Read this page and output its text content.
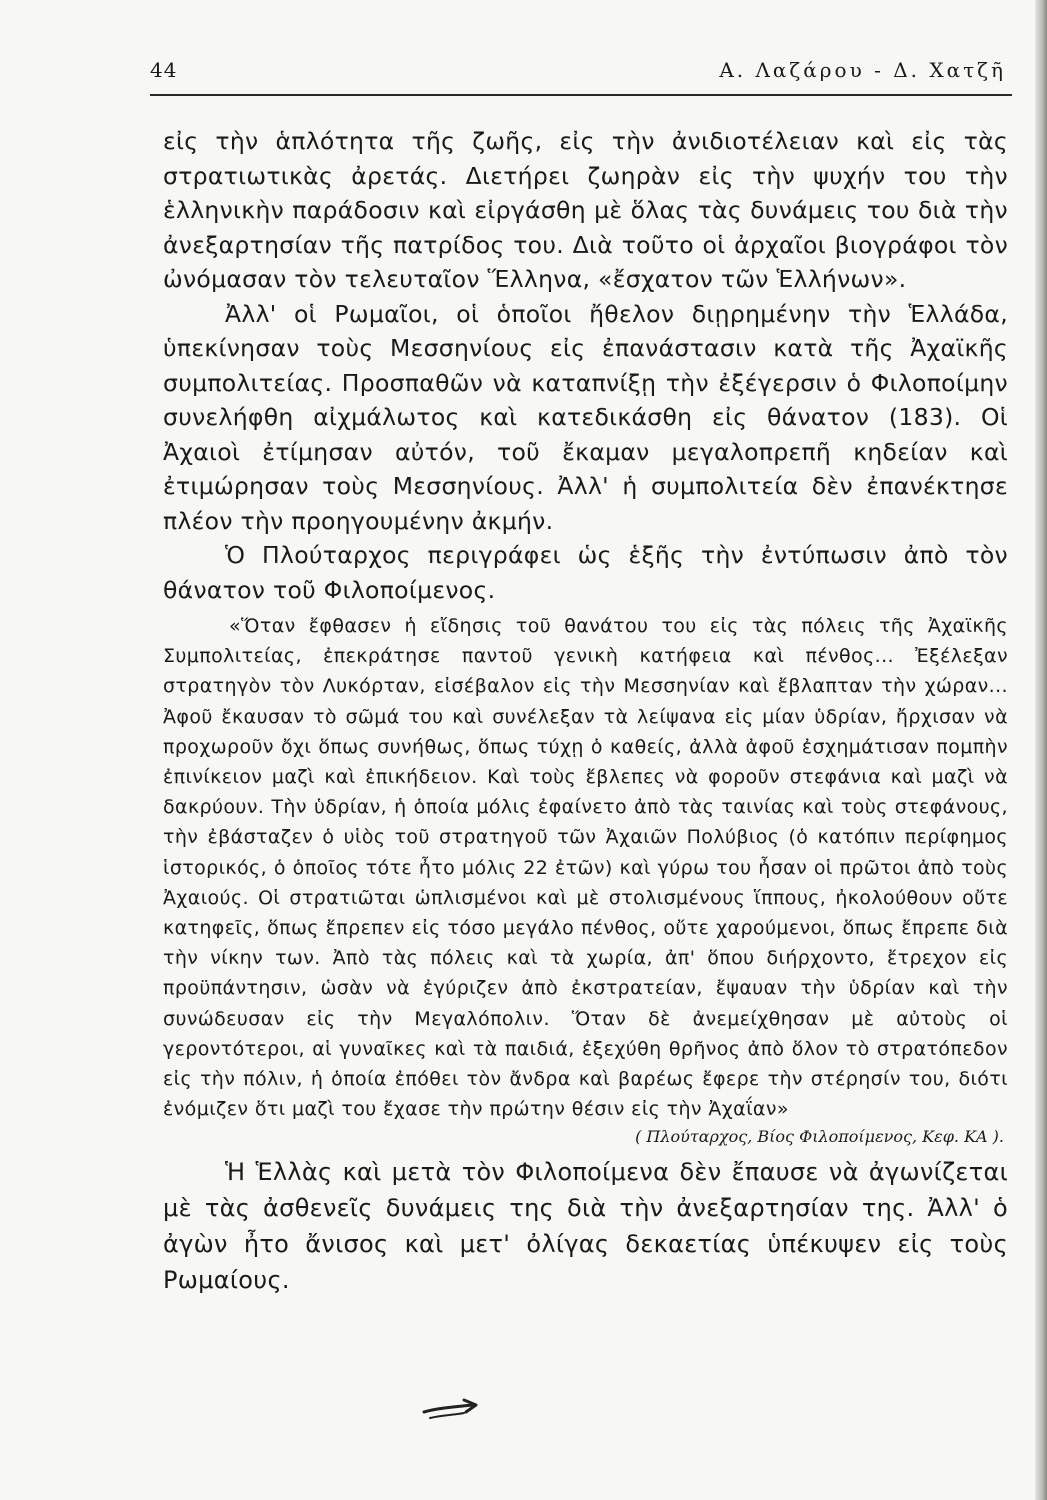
44	Α. Λαζάρου - Δ. Χατζῆ

εἰς τὴν ἁπλότητα τῆς ζωῆς, εἰς τὴν ἀνιδιοτέλειαν καὶ εἰς τὰς στρατιωτικὰς ἀρετάς. Διετήρει ζωηρὰν εἰς τὴν ψυχήν του τὴν ἑλληνικὴν παράδοσιν καὶ εἰργάσθη μὲ ὅλας τὰς δυνάμεις του διὰ τὴν ἀνεξαρτησίαν τῆς πατρίδος του. Διὰ τοῦτο οἱ ἀρχαῖοι βιογράφοι τὸν ὠνόμασαν τὸν τελευταῖον Ἕλληνα, «ἔσχατον τῶν Ἑλλήνων».

Ἀλλ' οἱ Ρωμαῖοι, οἱ ὁποῖοι ἤθελον διῃρημένην τὴν Ἑλλάδα, ὑπεκίνησαν τοὺς Μεσσηνίους εἰς ἐπανάστασιν κατὰ τῆς Ἀχαϊκῆς συμπολιτείας. Προσπαθῶν νὰ καταπνίξῃ τὴν ἐξέγερσιν ὁ Φιλοποίμην συνελήφθη αἰχμάλωτος καὶ κατεδικάσθη εἰς θάνατον (183). Οἱ Ἀχαιοὶ ἐτίμησαν αὐτόν, τοῦ ἔκαμαν μεγαλοπρεπῆ κηδείαν καὶ ἐτιμώρησαν τοὺς Μεσσηνίους. Ἀλλ' ἡ συμπολιτεία δὲν ἐπανέκτησε πλέον τὴν προηγουμένην ἀκμήν.

Ὁ Πλούταρχος περιγράφει ὡς ἑξῆς τὴν ἐντύπωσιν ἀπὸ τὸν θάνατον τοῦ Φιλοποίμενος.

«Ὅταν ἔφθασεν ἡ εἴδησις τοῦ θανάτου του εἰς τὰς πόλεις τῆς Ἀχαϊκῆς Συμπολιτείας, ἐπεκράτησε παντοῦ γενικὴ κατήφεια καὶ πένθος... Ἐξέλεξαν στρατηγὸν τὸν Λυκόρταν, εἰσέβαλον εἰς τὴν Μεσσηνίαν καὶ ἔβλαπταν τὴν χώραν... Ἀφοῦ ἔκαυσαν τὸ σῶμά του καὶ συνέλεξαν τὰ λείψανα εἰς μίαν ὑδρίαν, ἤρχισαν νὰ προχωροῦν ὄχι ὅπως συνήθως, ὅπως τύχῃ ὁ καθείς, ἀλλὰ ἀφοῦ ἐσχημάτισαν πομπὴν ἐπινίκειον μαζὶ καὶ ἐπικήδειον. Καὶ τοὺς ἔβλεπες νὰ φοροῦν στεφάνια καὶ μαζὶ νὰ δακρύουν. Τὴν ὑδρίαν, ἡ ὁποία μόλις ἐφαίνετο ἀπὸ τὰς ταινίας καὶ τοὺς στεφάνους, τὴν ἐβάσταζεν ὁ υἱὸς τοῦ στρατηγοῦ τῶν Ἀχαιῶν Πολύβιος (ὁ κατόπιν περίφημος ἱστορικός, ὁ ὁποῖος τότε ἦτο μόλις 22 ἐτῶν) καὶ γύρω του ἦσαν οἱ πρῶτοι ἀπὸ τοὺς Ἀχαιούς. Οἱ στρατιῶται ὡπλισμένοι καὶ μὲ στολισμένους ἵππους, ἠκολούθουν οὔτε κατηφεῖς, ὅπως ἔπρεπεν εἰς τόσο μεγάλο πένθος, οὔτε χαρούμενοι, ὅπως ἔπρεπε διὰ τὴν νίκην των. Ἀπὸ τὰς πόλεις καὶ τὰ χωρία, ἀπ' ὅπου διήρχοντο, ἔτρεχον εἰς προϋπάντησιν, ὡσὰν νὰ ἐγύριζεν ἀπὸ ἐκστρατείαν, ἔψαυαν τὴν ὑδρίαν καὶ τὴν συνώδευσαν εἰς τὴν Μεγαλόπολιν. Ὅταν δὲ ἀνεμείχθησαν μὲ αὐτοὺς οἱ γεροντότεροι, αἱ γυναῖκες καὶ τὰ παιδιά, ἐξεχύθη θρῆνος ἀπὸ ὅλον τὸ στρατόπεδον εἰς τὴν πόλιν, ἡ ὁποία ἐπόθει τὸν ἄνδρα καὶ βαρέως ἔφερε τὴν στέρησίν του, διότι ἐνόμιζεν ὅτι μαζὶ του ἔχασε τὴν πρώτην θέσιν εἰς τὴν Ἀχαΐαν»

( Πλούταρχος, Βίος Φιλοποίμενος, Κεφ. ΚΑ ).

Ἡ Ἑλλὰς καὶ μετὰ τὸν Φιλοποίμενα δὲν ἔπαυσε νὰ ἀγωνίζεται μὲ τὰς ἀσθενεῖς δυνάμεις της διὰ τὴν ἀνεξαρτησίαν της. Ἀλλ' ὁ ἀγὼν ἦτο ἄνισος καὶ μετ' ὀλίγας δεκαετίας ὑπέκυψεν εἰς τοὺς Ρωμαίους.
